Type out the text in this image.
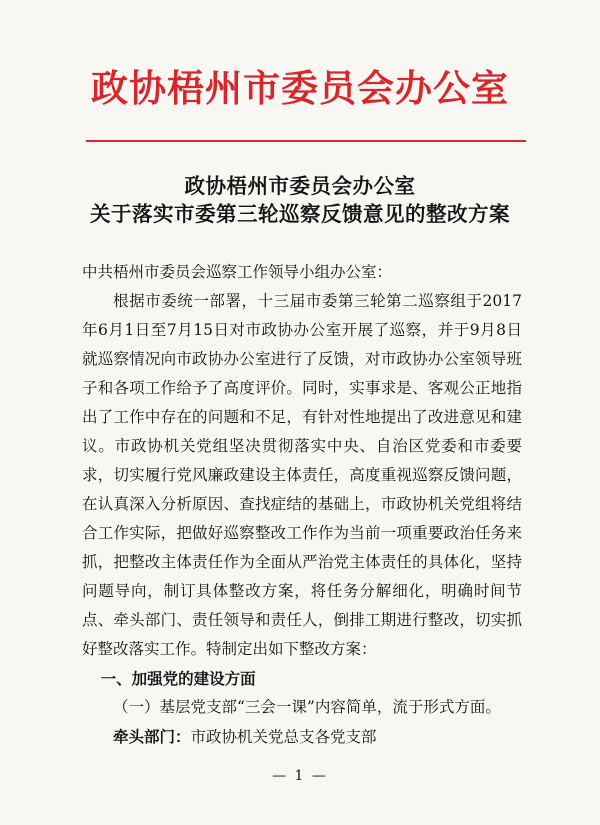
政协梧州市委员会办公室
政协梧州市委员会办公室
关于落实市委第三轮巡察反馈意见的整改方案

中共梧州市委员会巡察工作领导小组办公室：

根据市委统一部署，十三届市委第三轮第二巡察组于2017年6月1日至7月15日对市政协办公室开展了巡察，并于9月8日就巡察情况向市政协办公室进行了反馈，对市政协办公室领导班子和各项工作给予了高度评价。同时，实事求是、客观公正地指出了工作中存在的问题和不足，有针对性地提出了改进意见和建议。市政协机关党组坚决贯彻落实中央、自治区党委和市委要求，切实履行党风廉政建设主体责任，高度重视巡察反馈问题，在认真深入分析原因、查找症结的基础上，市政协机关党组将结合工作实际，把做好巡察整改工作作为当前一项重要政治任务来抓，把整改主体责任作为全面从严治党主体责任的具体化，坚持问题导向，制订具体整改方案，将任务分解细化，明确时间节点、牵头部门、责任领导和责任人，倒排工期进行整改，切实抓好整改落实工作。特制定出如下整改方案：

一、加强党的建设方面

（一）基层党支部“三会一课”内容简单，流于形式方面。

牵头部门：市政协机关党总支各党支部

— 1 —
